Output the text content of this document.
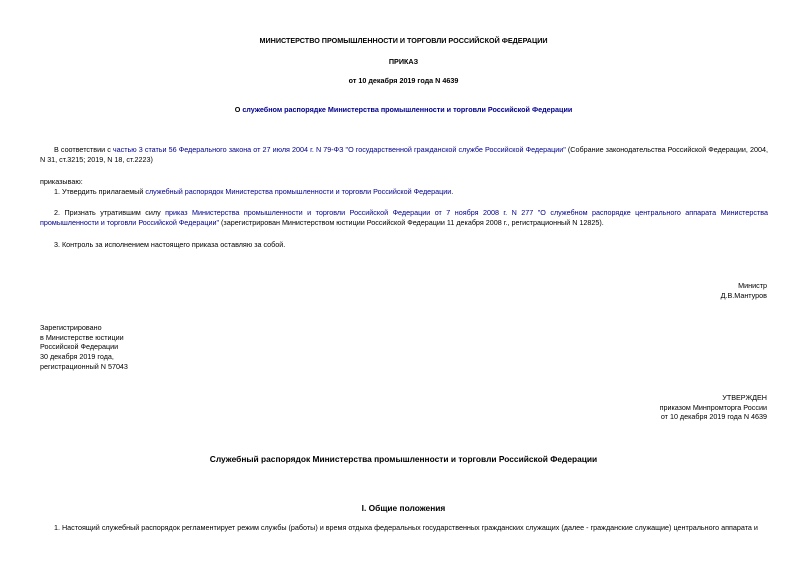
МИНИСТЕРСТВО ПРОМЫШЛЕННОСТИ И ТОРГОВЛИ РОССИЙСКОЙ ФЕДЕРАЦИИ
ПРИКАЗ
от 10 декабря 2019 года N 4639
О служебном распорядке Министерства промышленности и торговли Российской Федерации
В соответствии с частью 3 статьи 56 Федерального закона от 27 июля 2004 г. N 79-ФЗ "О государственной гражданской службе Российской Федерации" (Собрание законодательства Российской Федерации, 2004, N 31, ст.3215; 2019, N 18, ст.2223)
приказываю:
1. Утвердить прилагаемый служебный распорядок Министерства промышленности и торговли Российской Федерации.
2. Признать утратившим силу приказ Министерства промышленности и торговли Российской Федерации от 7 ноября 2008 г. N 277 "О служебном распорядке центрального аппарата Министерства промышленности и торговли Российской Федерации" (зарегистрирован Министерством юстиции Российской Федерации 11 декабря 2008 г., регистрационный N 12825).
3. Контроль за исполнением настоящего приказа оставляю за собой.
Министр
Д.В.Мантуров
Зарегистрировано
в Министерстве юстиции
Российской Федерации
30 декабря 2019 года,
регистрационный N 57043
УТВЕРЖДЕН
приказом Минпромторга России
от 10 декабря 2019 года N 4639
Служебный распорядок Министерства промышленности и торговли Российской Федерации
I. Общие положения
1. Настоящий служебный распорядок регламентирует режим службы (работы) и время отдыха федеральных государственных гражданских служащих (далее - гражданские служащие) центрального аппарата и
